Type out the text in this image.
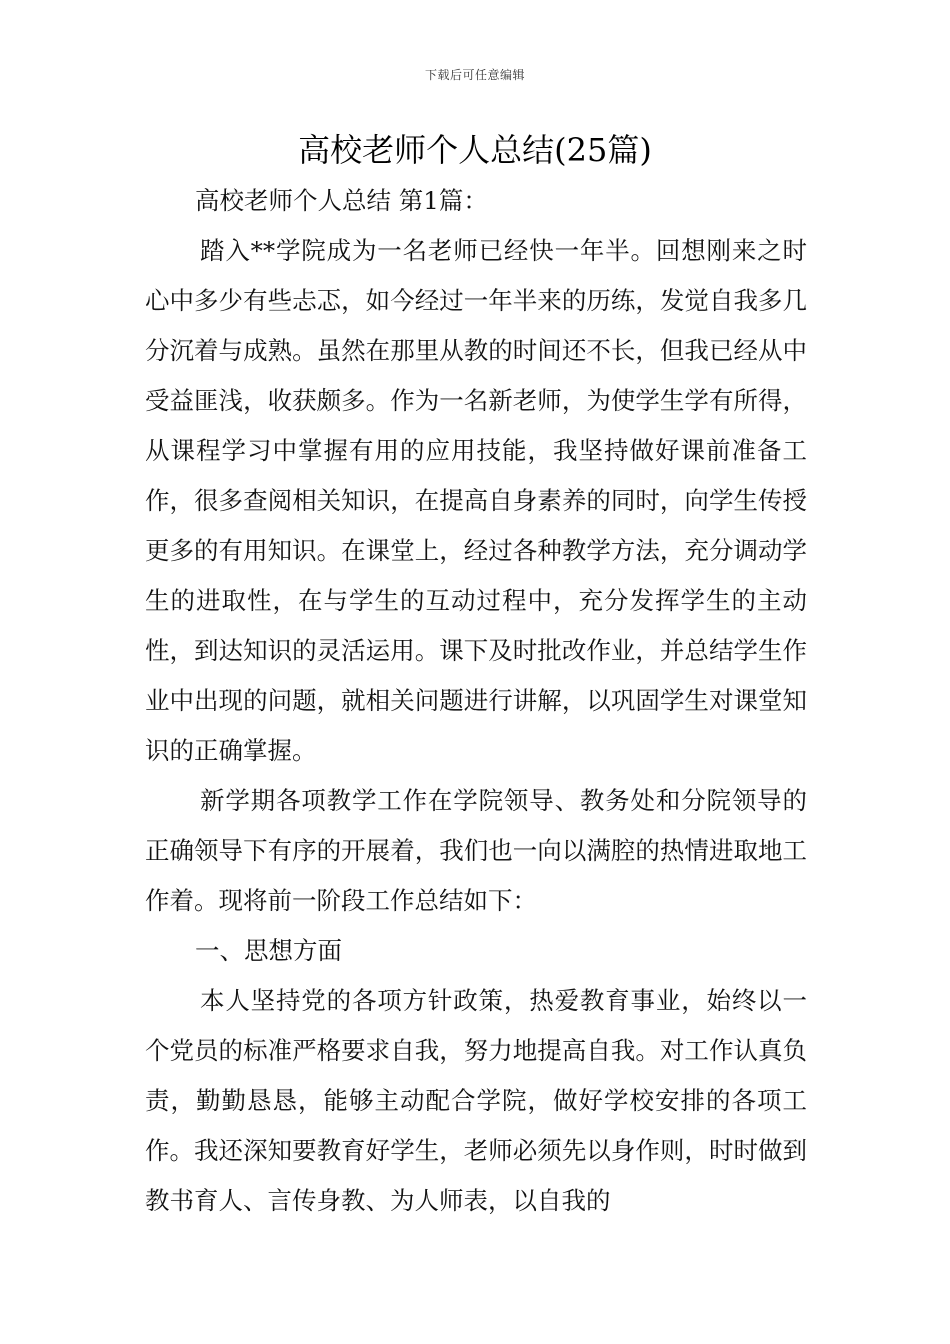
下载后可任意编辑
高校老师个人总结(25篇)

高校老师个人总结 第1篇：

踏入**学院成为一名老师已经快一年半。回想刚来之时心中多少有些忐忑，如今经过一年半来的历练，发觉自我多几分沉着与成熟。虽然在那里从教的时间还不长，但我已经从中受益匪浅，收获颇多。作为一名新老师，为使学生学有所得，从课程学习中掌握有用的应用技能，我坚持做好课前准备工作，很多查阅相关知识，在提高自身素养的同时，向学生传授更多的有用知识。在课堂上，经过各种教学方法，充分调动学生的进取性，在与学生的互动过程中，充分发挥学生的主动性，到达知识的灵活运用。课下及时批改作业，并总结学生作业中出现的问题，就相关问题进行讲解，以巩固学生对课堂知识的正确掌握。

新学期各项教学工作在学院领导、教务处和分院领导的正确领导下有序的开展着，我们也一向以满腔的热情进取地工作着。现将前一阶段工作总结如下：

一、思想方面

本人坚持党的各项方针政策，热爱教育事业，始终以一个党员的标准严格要求自我，努力地提高自我。对工作认真负责，勤勤恳恳，能够主动配合学院，做好学校安排的各项工作。我还深知要教育好学生，老师必须先以身作则，时时做到教书育人、言传身教、为人师表，以自我的
